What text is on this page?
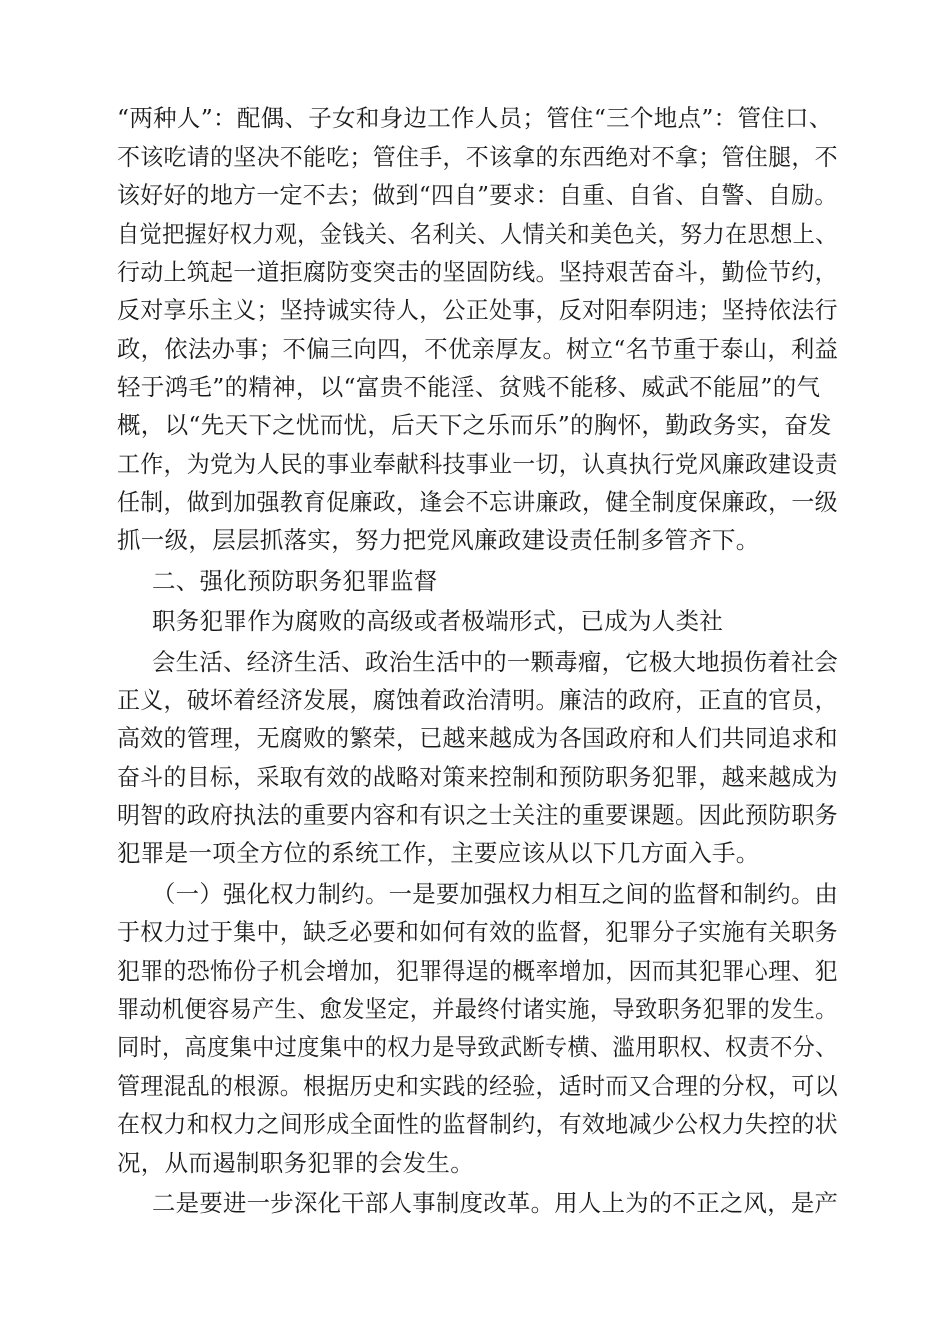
“两种人”：配偶、子女和身边工作人员；管住“三个地点”：管住口、
不该吃请的坚决不能吃；管住手，不该拿的东西绝对不拿；管住腿，不
该好好的地方一定不去；做到“四自”要求：自重、自省、自警、自励。
自觉把握好权力观，金钱关、名利关、人情关和美色关，努力在思想上、
行动上筑起一道拒腐防变突击的坚固防线。坚持艰苦奋斗，勤俭节约，
反对享乐主义；坚持诚实待人，公正处事，反对阳奉阴违；坚持依法行
政，依法办事；不偏三向四，不优亲厚友。树立“名节重于泰山，利益
轻于鸿毛”的精神，以“富贵不能淫、贫贱不能移、威武不能屈”的气
概，以“先天下之忧而忧，后天下之乐而乐”的胸怀，勤政务实，奋发
工作，为党为人民的事业奉献科技事业一切，认真执行党风廉政建设责
任制，做到加强教育促廉政，逢会不忘讲廉政，健全制度保廉政，一级
抓一级，层层抓落实，努力把党风廉政建设责任制多管齐下。
二、强化预防职务犯罪监督
职务犯罪作为腐败的高级或者极端形式，已成为人类社
会生活、经济生活、政治生活中的一颗毒瘤，它极大地损伤着社会
正义，破坏着经济发展，腐蚀着政治清明。廉洁的政府，正直的官员，
高效的管理，无腐败的繁荣，已越来越成为各国政府和人们共同追求和
奋斗的目标，采取有效的战略对策来控制和预防职务犯罪，越来越成为
明智的政府执法的重要内容和有识之士关注的重要课题。因此预防职务
犯罪是一项全方位的系统工作，主要应该从以下几方面入手。
（一）强化权力制约。一是要加强权力相互之间的监督和制约。由
于权力过于集中，缺乏必要和如何有效的监督，犯罪分子实施有关职务
犯罪的恐怖份子机会增加，犯罪得逞的概率增加，因而其犯罪心理、犯
罪动机便容易产生、愈发坚定，并最终付诸实施，导致职务犯罪的发生。
同时，高度集中过度集中的权力是导致武断专横、滥用职权、权责不分、
管理混乱的根源。根据历史和实践的经验，适时而又合理的分权，可以
在权力和权力之间形成全面性的监督制约，有效地减少公权力失控的状
况，从而遏制职务犯罪的会发生。
二是要进一步深化干部人事制度改革。用人上为的不正之风，是产
